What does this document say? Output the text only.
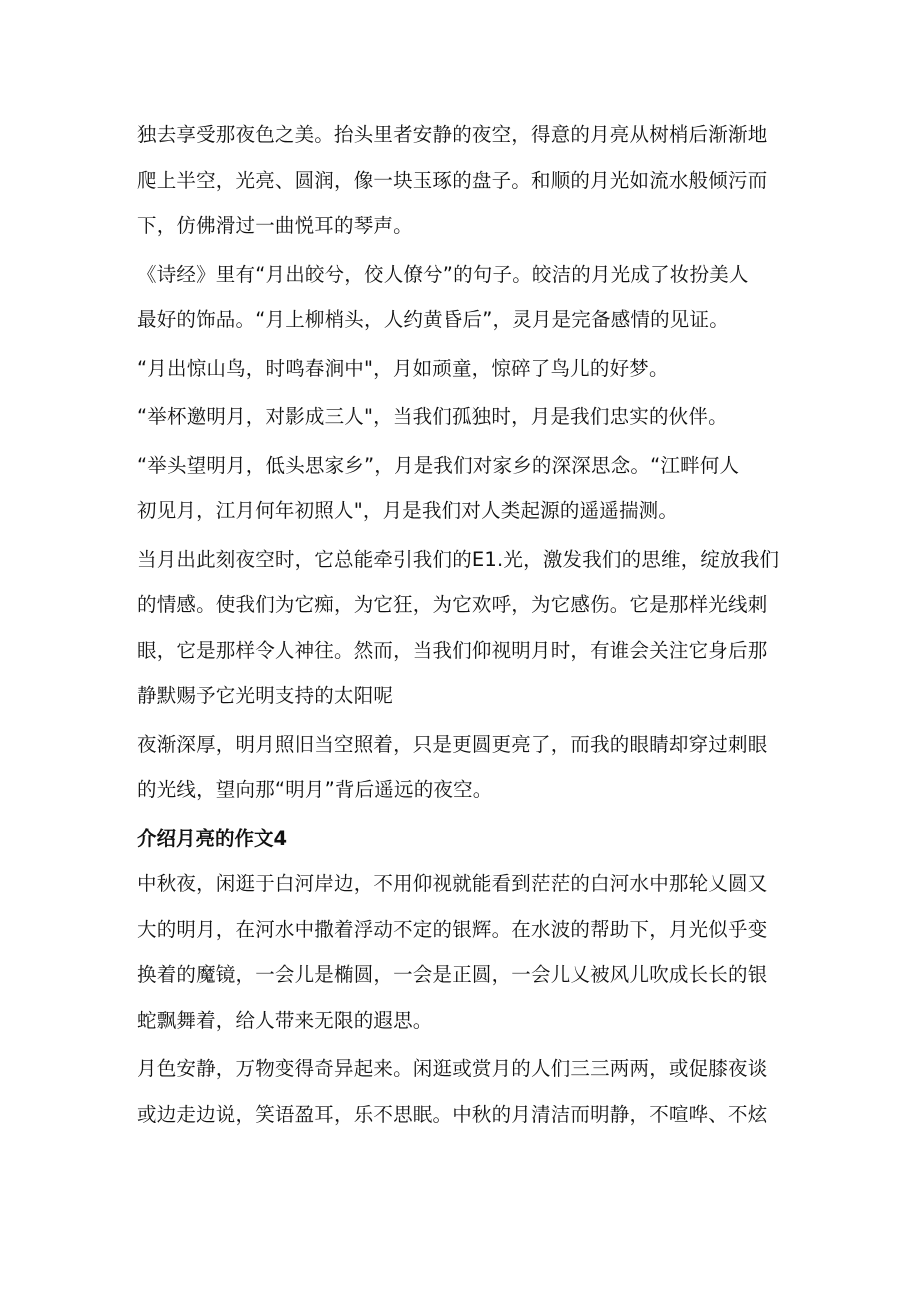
独去享受那夜色之美。抬头里者安静的夜空，得意的月亮从树梢后渐渐地
爬上半空，光亮、圆润，像一块玉琢的盘子。和顺的月光如流水般倾污而
下，仿佛滑过一曲悦耳的琴声。

《诗经》里有“月出皎兮，佼人僚兮”的句子。皎洁的月光成了妆扮美人
最好的饰品。“月上柳梢头，人约黄昏后”，灵月是完备感情的见证。

“月出惊山鸟，时鸣春涧中"，月如顽童，惊碎了鸟儿的好梦。

“举杯邀明月，对影成三人"，当我们孤独时，月是我们忠实的伙伴。

“举头望明月，低头思家乡”，月是我们对家乡的深深思念。“江畔何人
初见月，江月何年初照人"，月是我们对人类起源的遥遥揣测。

当月出此刻夜空时，它总能牵引我们的E1.光，激发我们的思维，绽放我们
的情感。使我们为它痴，为它狂，为它欢呼，为它感伤。它是那样光线刺
眼，它是那样令人神往。然而，当我们仰视明月时，有谁会关注它身后那
静默赐予它光明支持的太阳呢

夜渐深厚，明月照旧当空照着，只是更圆更亮了，而我的眼睛却穿过刺眼
的光线，望向那“明月”背后遥远的夜空。

介绍月亮的作文4

中秋夜，闲逛于白河岸边，不用仰视就能看到茫茫的白河水中那轮乂圆又
大的明月，在河水中撒着浮动不定的银辉。在水波的帮助下，月光似乎变
换着的魔镜，一会儿是椭圆，一会是正圆，一会儿乂被风儿吹成长长的银
蛇飘舞着，给人带来无限的遐思。

月色安静，万物变得奇异起来。闲逛或赏月的人们三三两两，或促膝夜谈
或边走边说，笑语盈耳，乐不思眠。中秋的月清洁而明静，不喧哗、不炫
